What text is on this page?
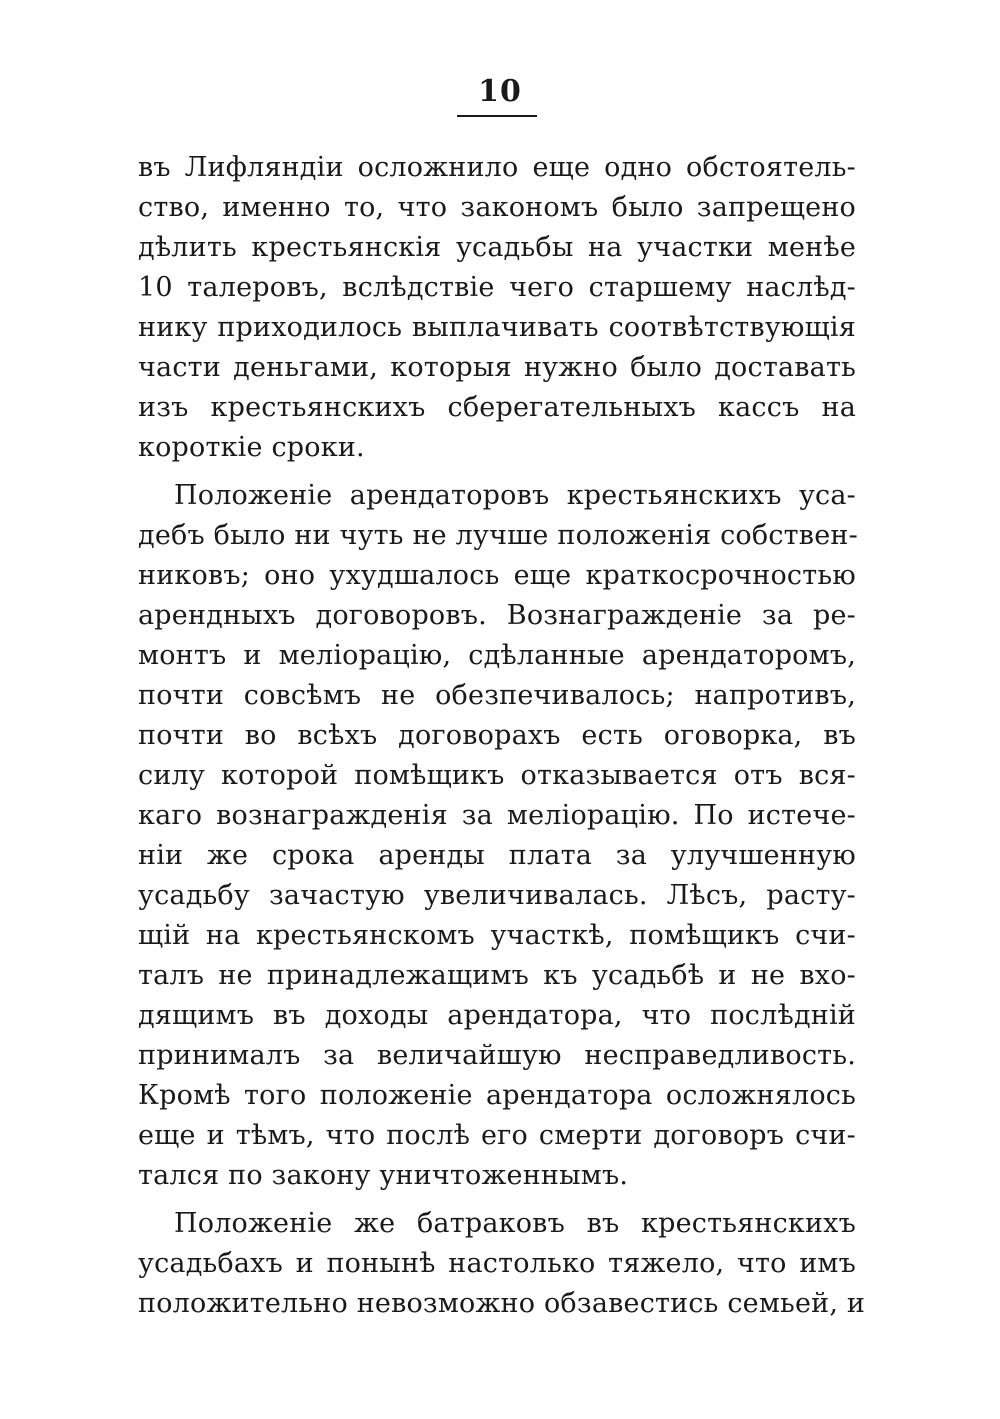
10
въ Лифляндіи осложнило еще одно обстоятель-
ство, именно то, что закономъ было запрещено
дѣлить крестьянскія усадьбы на участки менѣе
10 талеровъ, вслѣдствіе чего старшему наслѣд-
нику приходилось выплачивать соотвѣтствующія
части деньгами, которыя нужно было доставать
изъ крестьянскихъ сберегательныхъ кассъ на
короткіе сроки.
Положеніе арендаторовъ крестьянскихъ уса-
дебъ было ни чуть не лучше положенія собствен-
никовъ; оно ухудшалось еще краткосрочностью
арендныхъ договоровъ. Вознагражденіе за ре-
монтъ и мелiорацію, сдѣланные арендаторомъ,
почти совсѣмъ не обезпечивалось; напротивъ,
почти во всѣхъ договорахъ есть оговорка, въ
силу которой помѣщикъ отказывается отъ вся-
каго вознагражденія за мелiорацію. По истече-
нiи же срока аренды плата за улучшенную
усадьбу зачастую увеличивалась. Лѣсъ, расту-
щій на крестьянскомъ участкѣ, помѣщикъ счи-
талъ не принадлежащимъ къ усадьбѣ и не вхо-
дящимъ въ доходы арендатора, что послѣдній
принималъ за величайшую несправедливость.
Кромѣ того положеніе арендатора осложнялось
еще и тѣмъ, что послѣ его смерти договоръ счи-
тался по закону уничтоженнымъ.
Положеніе же батраковъ въ крестьянскихъ
усадьбахъ и понынѣ настолько тяжело, что имъ
положительно невозможно обзавестись семьей, и
